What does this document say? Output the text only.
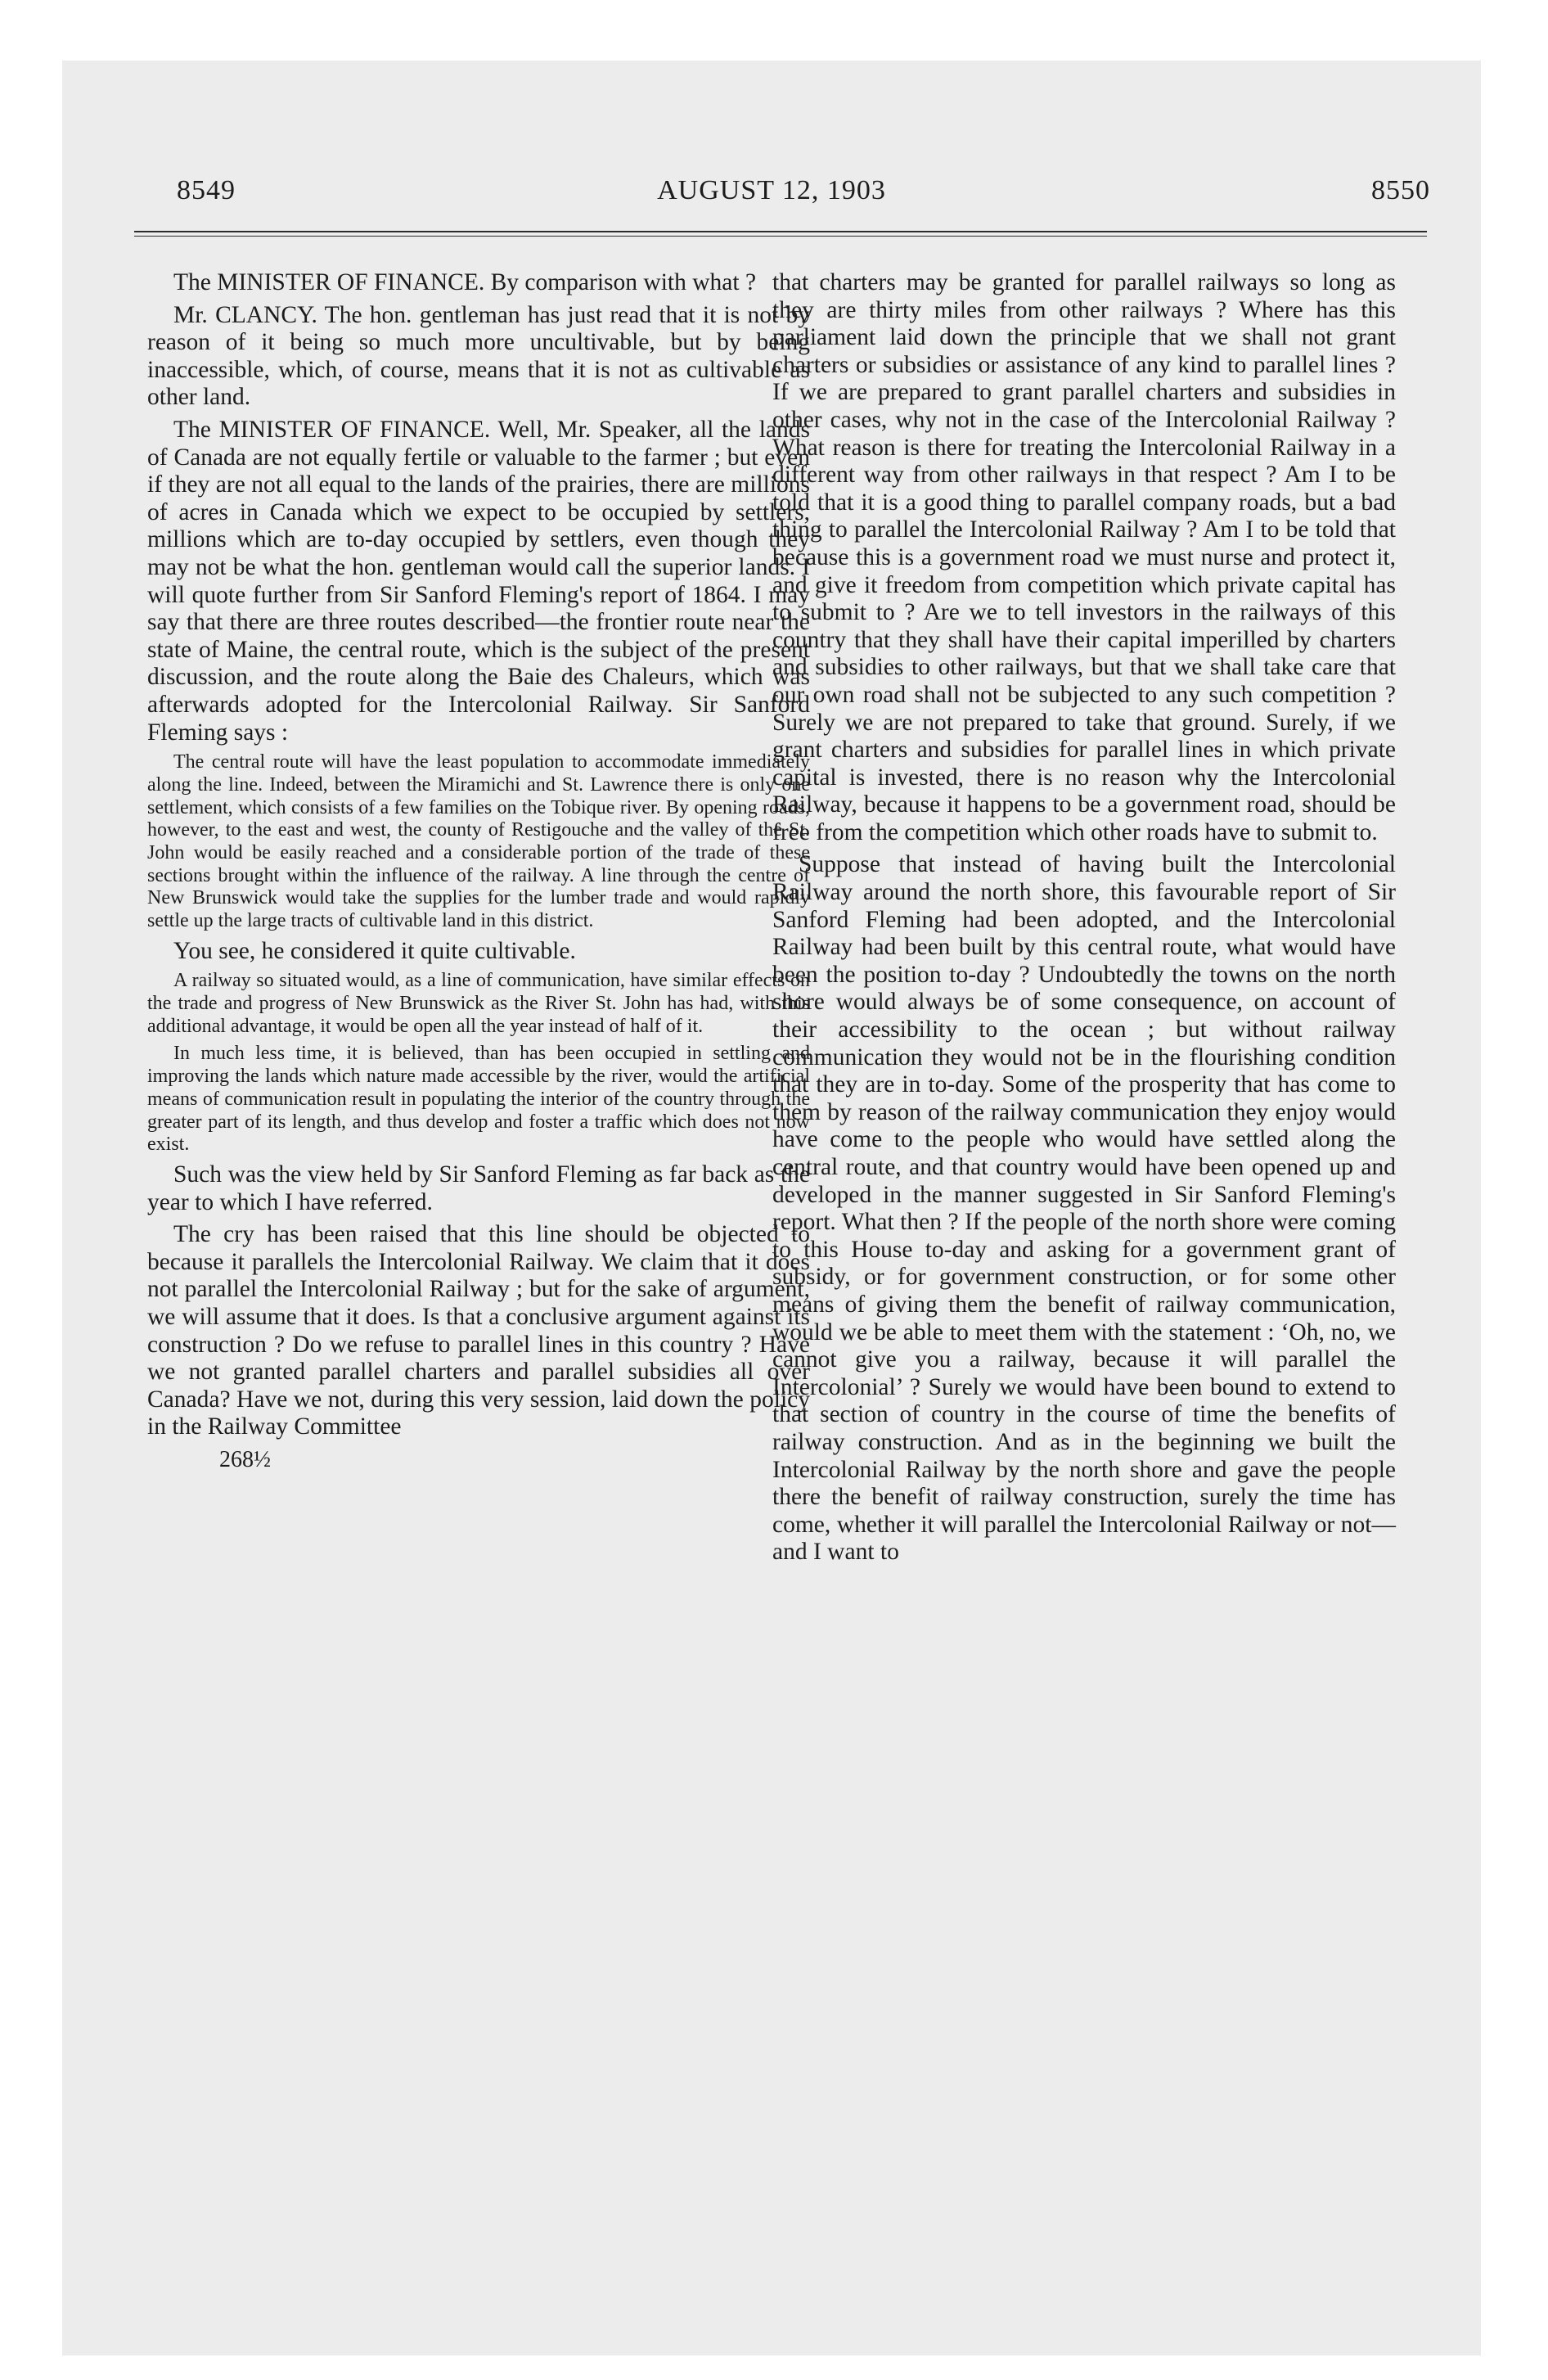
8549	AUGUST 12, 1903	8550

The MINISTER OF FINANCE. By comparison with what ?

Mr. CLANCY. The hon. gentleman has just read that it is not by reason of it being so much more uncultivable, but by being inaccessible, which, of course, means that it is not as cultivable as other land.

The MINISTER OF FINANCE. Well, Mr. Speaker, all the lands of Canada are not equally fertile or valuable to the farmer ; but even if they are not all equal to the lands of the prairies, there are millions of acres in Canada which we expect to be occupied by settlers, millions which are to-day occupied by settlers, even though they may not be what the hon. gentleman would call the superior lands. I will quote further from Sir Sanford Fleming's report of 1864. I may say that there are three routes described—the frontier route near the state of Maine, the central route, which is the subject of the present discussion, and the route along the Baie des Chaleurs, which was afterwards adopted for the Intercolonial Railway. Sir Sanford Fleming says :

The central route will have the least population to accommodate immediately along the line. Indeed, between the Miramichi and St. Lawrence there is only one settlement, which consists of a few families on the Tobique river. By opening roads, however, to the east and west, the county of Restigouche and the valley of the St. John would be easily reached and a considerable portion of the trade of these sections brought within the influence of the railway. A line through the centre of New Brunswick would take the supplies for the lumber trade and would rapidly settle up the large tracts of cultivable land in this district.

You see, he considered it quite cultivable.

A railway so situated would, as a line of communication, have similar effects on the trade and progress of New Brunswick as the River St. John has had, with this additional advantage, it would be open all the year instead of half of it.

In much less time, it is believed, than has been occupied in settling and improving the lands which nature made accessible by the river, would the artificial means of communication result in populating the interior of the country through the greater part of its length, and thus develop and foster a traffic which does not now exist.

Such was the view held by Sir Sanford Fleming as far back as the year to which I have referred.

The cry has been raised that this line should be objected to because it parallels the Intercolonial Railway. We claim that it does not parallel the Intercolonial Railway ; but for the sake of argument, we will assume that it does. Is that a conclusive argument against its construction ? Do we refuse to parallel lines in this country ? Have we not granted parallel charters and parallel subsidies all over Canada? Have we not, during this very session, laid down the policy in the Railway Committee

268½

that charters may be granted for parallel railways so long as they are thirty miles from other railways ? Where has this parliament laid down the principle that we shall not grant charters or subsidies or assistance of any kind to parallel lines ? If we are prepared to grant parallel charters and subsidies in other cases, why not in the case of the Intercolonial Railway ? What reason is there for treating the Intercolonial Railway in a different way from other railways in that respect ? Am I to be told that it is a good thing to parallel company roads, but a bad thing to parallel the Intercolonial Railway ? Am I to be told that because this is a government road we must nurse and protect it, and give it freedom from competition which private capital has to submit to ? Are we to tell investors in the railways of this country that they shall have their capital imperilled by charters and subsidies to other railways, but that we shall take care that our own road shall not be subjected to any such competition ? Surely we are not prepared to take that ground. Surely, if we grant charters and subsidies for parallel lines in which private capital is invested, there is no reason why the Intercolonial Railway, because it happens to be a government road, should be free from the competition which other roads have to submit to.

Suppose that instead of having built the Intercolonial Railway around the north shore, this favourable report of Sir Sanford Fleming had been adopted, and the Intercolonial Railway had been built by this central route, what would have been the position to-day ? Undoubtedly the towns on the north shore would always be of some consequence, on account of their accessibility to the ocean ; but without railway communication they would not be in the flourishing condition that they are in to-day. Some of the prosperity that has come to them by reason of the railway communication they enjoy would have come to the people who would have settled along the central route, and that country would have been opened up and developed in the manner suggested in Sir Sanford Fleming's report. What then ? If the people of the north shore were coming to this House to-day and asking for a government grant of subsidy, or for government construction, or for some other means of giving them the benefit of railway communication, would we be able to meet them with the statement : ‘Oh, no, we cannot give you a railway, because it will parallel the Intercolonial’ ? Surely we would have been bound to extend to that section of country in the course of time the benefits of railway construction. And as in the beginning we built the Intercolonial Railway by the north shore and gave the people there the benefit of railway construction, surely the time has come, whether it will parallel the Intercolonial Railway or not—and I want to
